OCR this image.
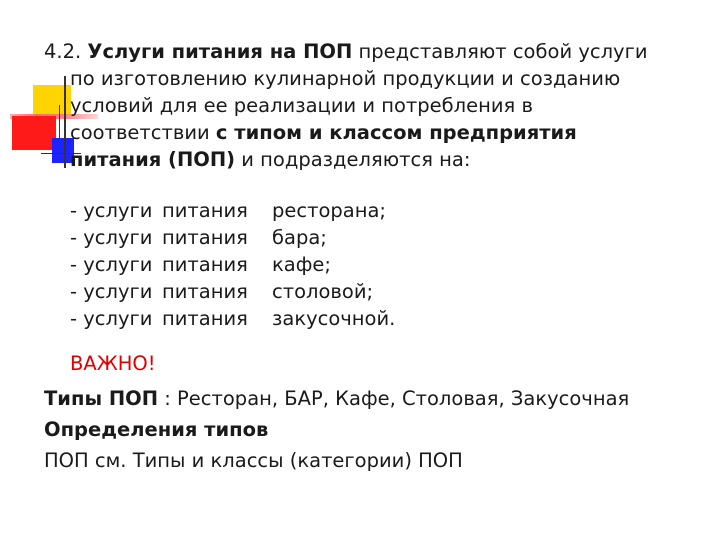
4.2. Услуги питания на ПОП представляют собой услуги
по изготовлению кулинарной продукции и созданию
условий для ее реализации и потребления в
соответствии с типом и классом предприятия
питания (ПОП) и подразделяются на:
- услуги питания	ресторана;
- услуги питания	бара;
- услуги питания	кафе;
- услуги питания	столовой;
- услуги питания	закусочной.
ВАЖНО!
Типы ПОП : Ресторан, БАР, Кафе, Столовая, Закусочная
Определения типов
ПОП см. Типы и классы (категории) ПОП
